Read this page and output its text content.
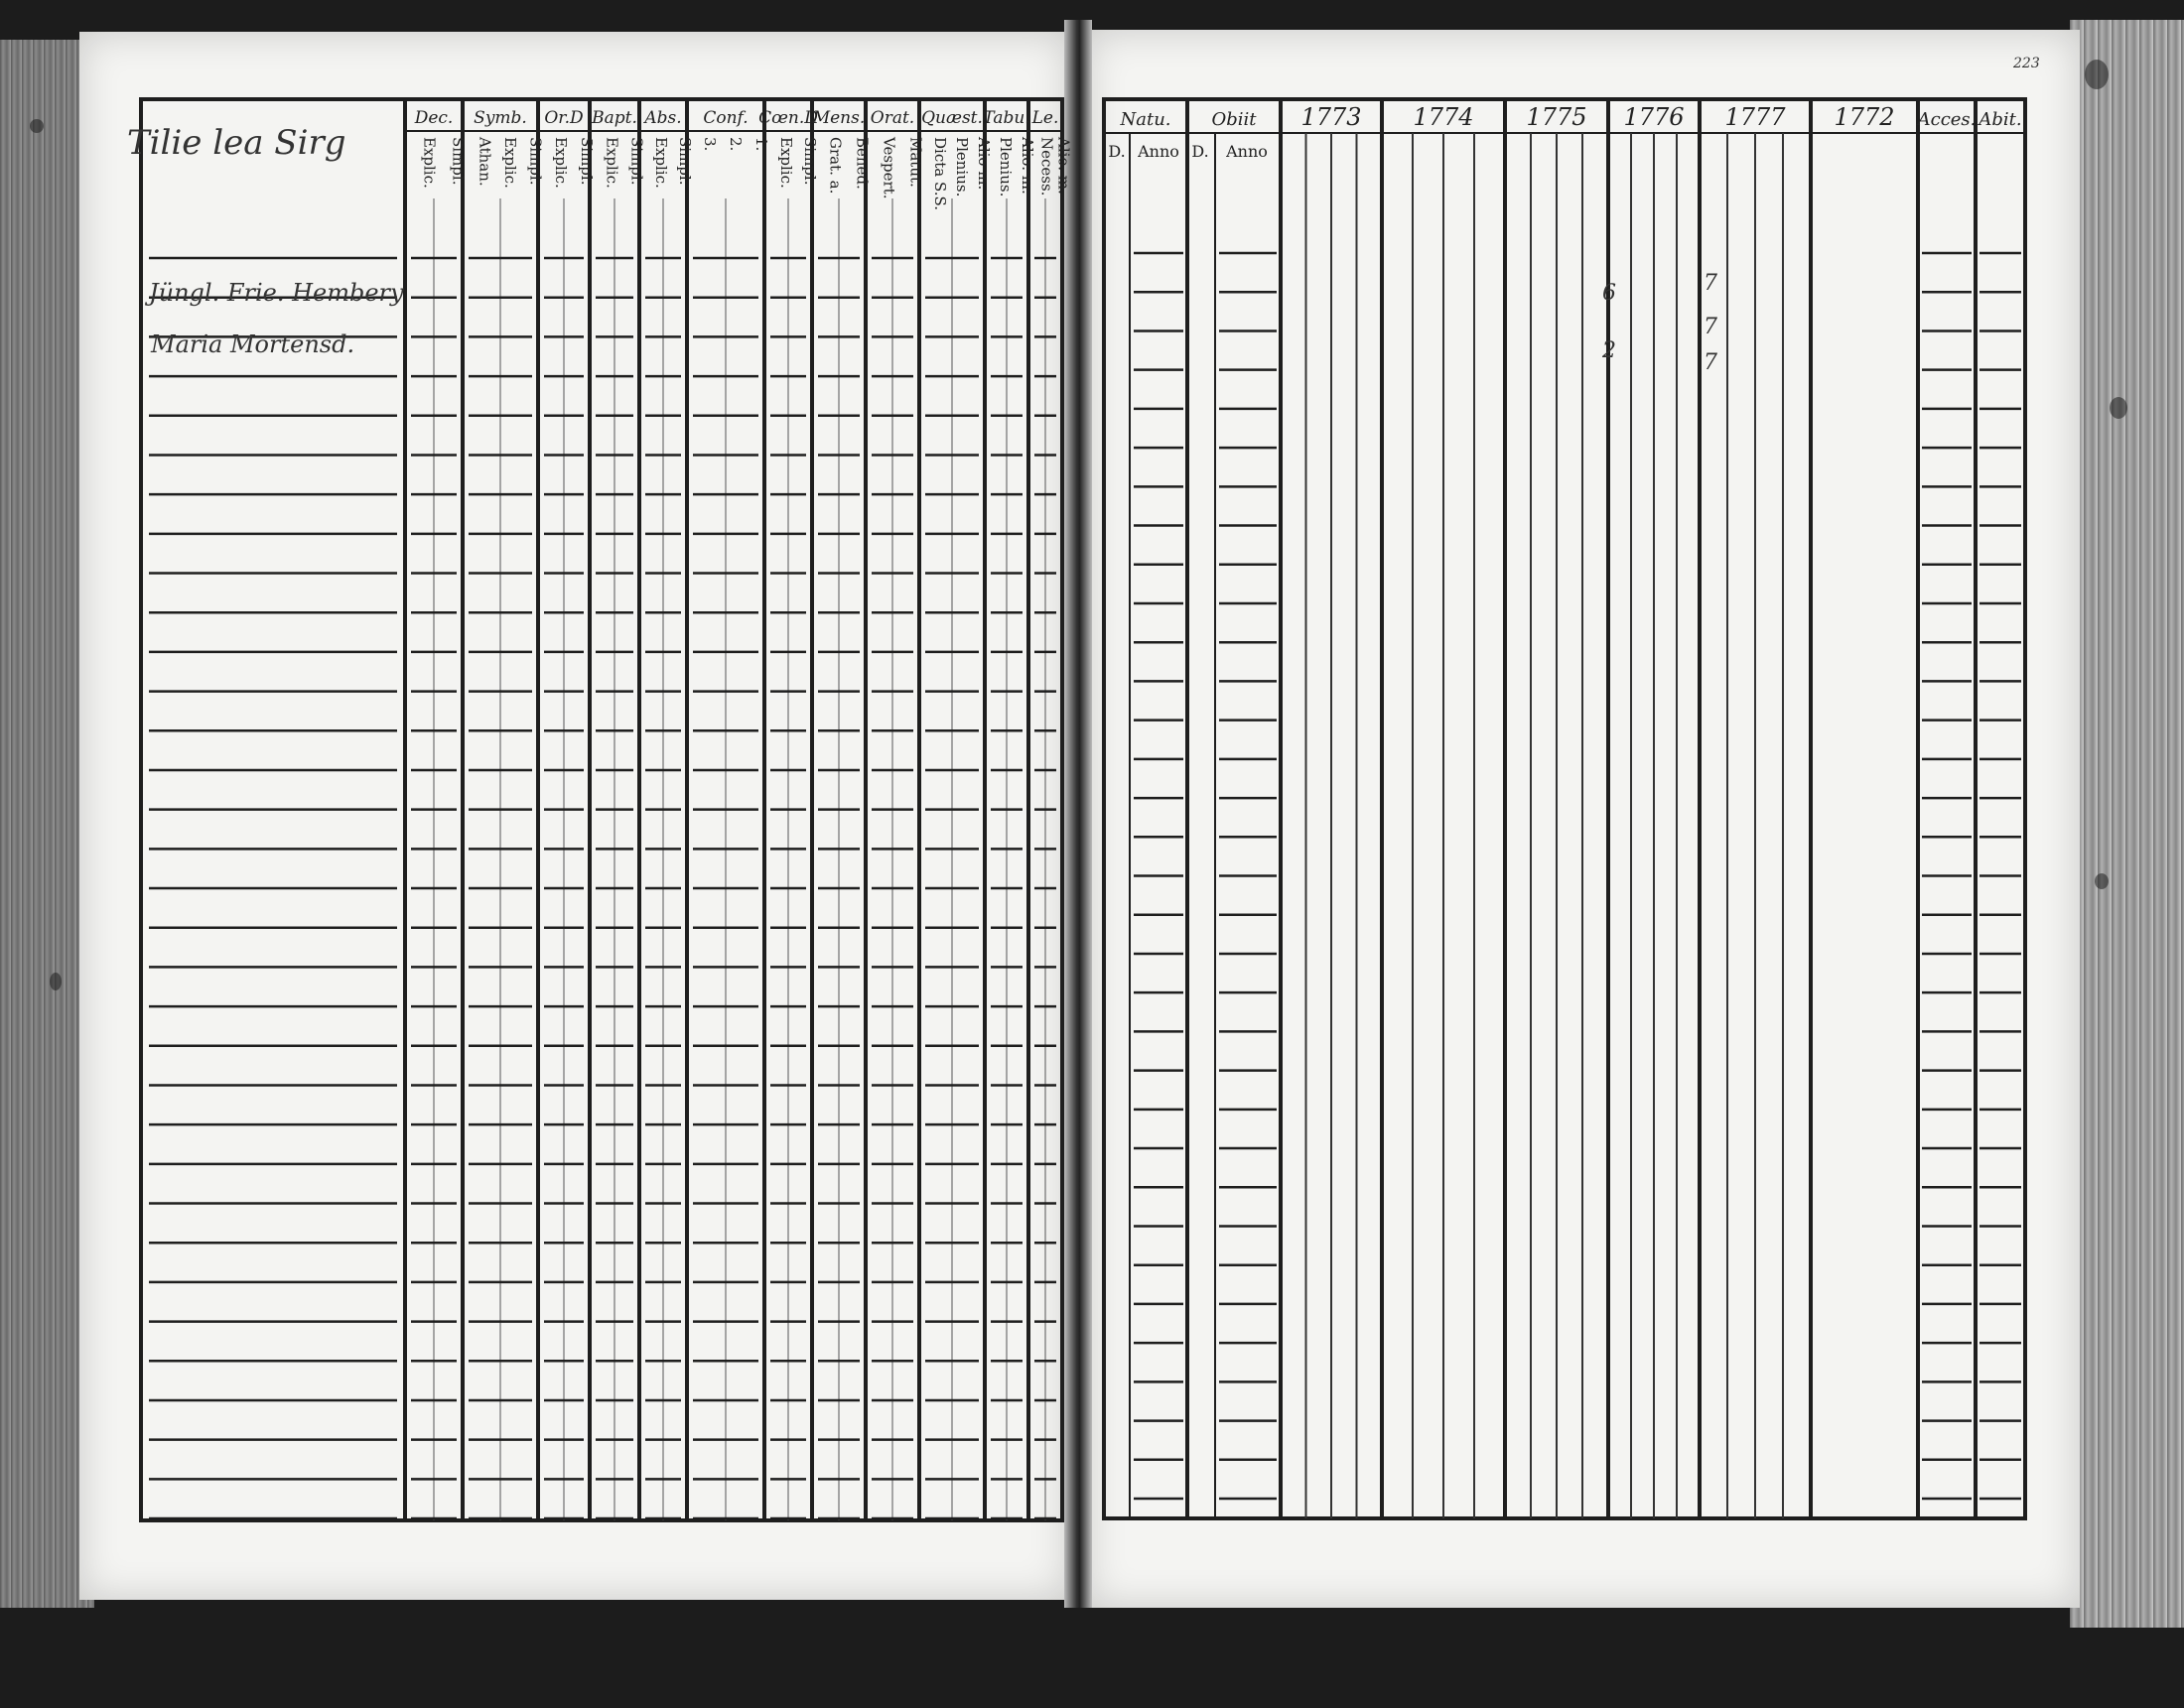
Dec.
Explic. Simpl.
Symb.
Athan. Explic. Simpl.
Or.D
Explic. Simpl.
Bapt.
Explic. Simpl.
Abs.
Explic. Simpl.
Conf.
3. 2. 1.
Cœn.D
Explic. Simpl.
Mens.
Grat. a. Bened.
Orat.
Vespert. Matut.
Quæst.
Dicta S.S. Plenius. Alio m.
Tabu.
Plenius. Alio. m.
Le.
Necess. Alio. m.
Tilie lea Sirg
Jüngl. Frie. Hembery
Maria Mortensd.
Natu.
D. Anno
Obiit
D. Anno
1773 1774 1775 1776 1777 1772 Acces. Abit.
223
6
2
7
7
7
